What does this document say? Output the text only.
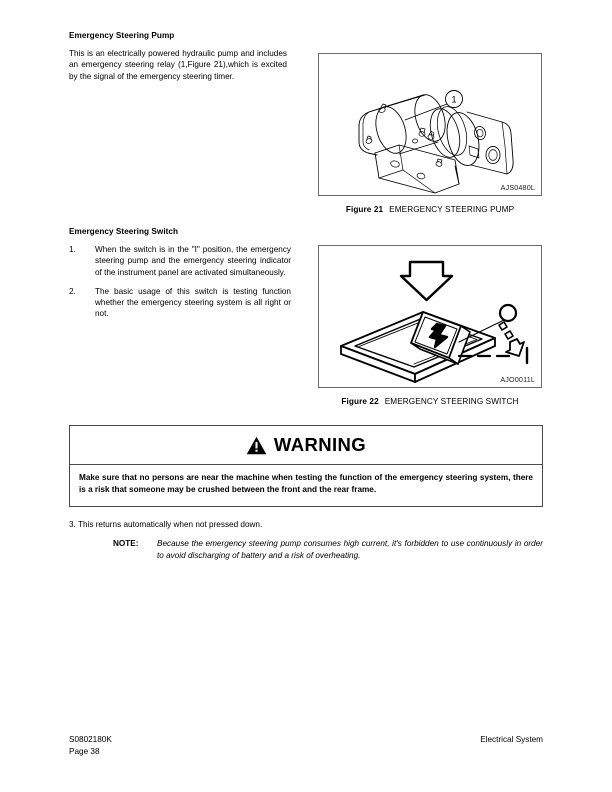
Emergency Steering Pump
This is an electrically powered hydraulic pump and includes an emergency steering relay (1,Figure 21),which is excited by the signal of the emergency steering timer.
1
AJS0480L
Figure 21 EMERGENCY STEERING PUMP
Emergency Steering Switch
1.	When the switch is in the "I" position, the emergency steering pump and the emergency steering indicator of the instrument panel are activated simultaneously.
2.	The basic usage of this switch is testing function whether the emergency steering system is all right or not.
AJO0011L
Figure 22 EMERGENCY STEERING SWITCH
WARNING
Make sure that no persons are near the machine when testing the function of the emergency steering system, there is a risk that someone may be crushed between the front and the rear frame.
3. This returns automatically when not pressed down.
NOTE:	Because the emergency steering pump consumes high current, it's forbidden to use continuously in order to avoid discharging of battery and a risk of overheating.
S0802180K
Page 38
Electrical System
